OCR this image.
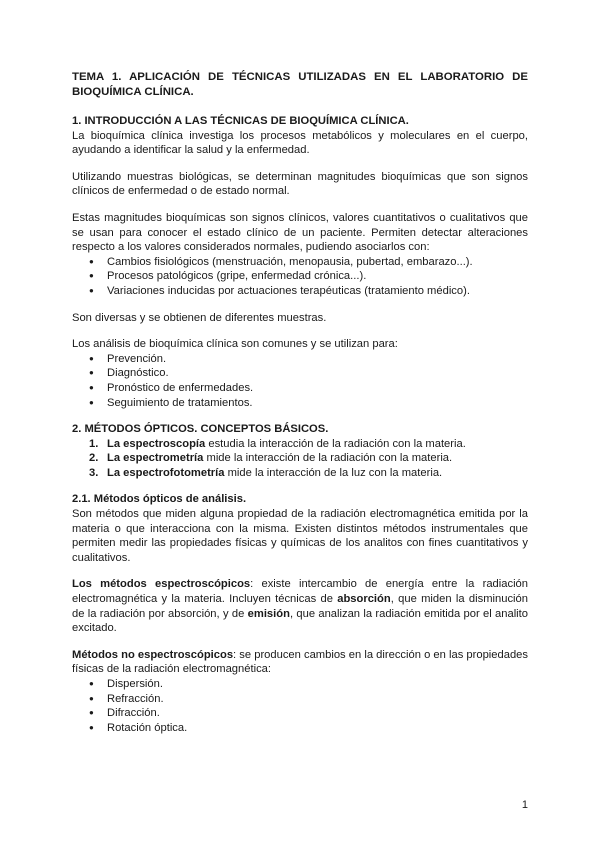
TEMA 1. APLICACIÓN DE TÉCNICAS UTILIZADAS EN EL LABORATORIO DE BIOQUÍMICA CLÍNICA.

1. INTRODUCCIÓN A LAS TÉCNICAS DE BIOQUÍMICA CLÍNICA.

La bioquímica clínica investiga los procesos metabólicos y moleculares en el cuerpo, ayudando a identificar la salud y la enfermedad.

Utilizando muestras biológicas, se determinan magnitudes bioquímicas que son signos clínicos de enfermedad o de estado normal.

Estas magnitudes bioquímicas son signos clínicos, valores cuantitativos o cualitativos que se usan para conocer el estado clínico de un paciente. Permiten detectar alteraciones respecto a los valores considerados normales, pudiendo asociarlos con:

● Cambios fisiológicos (menstruación, menopausia, pubertad, embarazo...).
● Procesos patológicos (gripe, enfermedad crónica...).
● Variaciones inducidas por actuaciones terapéuticas (tratamiento médico).

Son diversas y se obtienen de diferentes muestras.

Los análisis de bioquímica clínica son comunes y se utilizan para:

● Prevención.
● Diagnóstico.
● Pronóstico de enfermedades.
● Seguimiento de tratamientos.

2. MÉTODOS ÓPTICOS. CONCEPTOS BÁSICOS.

1. La espectroscopía estudia la interacción de la radiación con la materia.
2. La espectrometría mide la interacción de la radiación con la materia.
3. La espectrofotometría mide la interacción de la luz con la materia.

2.1. Métodos ópticos de análisis.

Son métodos que miden alguna propiedad de la radiación electromagnética emitida por la materia o que interacciona con la misma. Existen distintos métodos instrumentales que permiten medir las propiedades físicas y químicas de los analitos con fines cuantitativos y cualitativos.

Los métodos espectroscópicos: existe intercambio de energía entre la radiación electromagnética y la materia. Incluyen técnicas de absorción, que miden la disminución de la radiación por absorción, y de emisión, que analizan la radiación emitida por el analito excitado.

Métodos no espectroscópicos: se producen cambios en la dirección o en las propiedades físicas de la radiación electromagnética:

● Dispersión.
● Refracción.
● Difracción.
● Rotación óptica.
1
